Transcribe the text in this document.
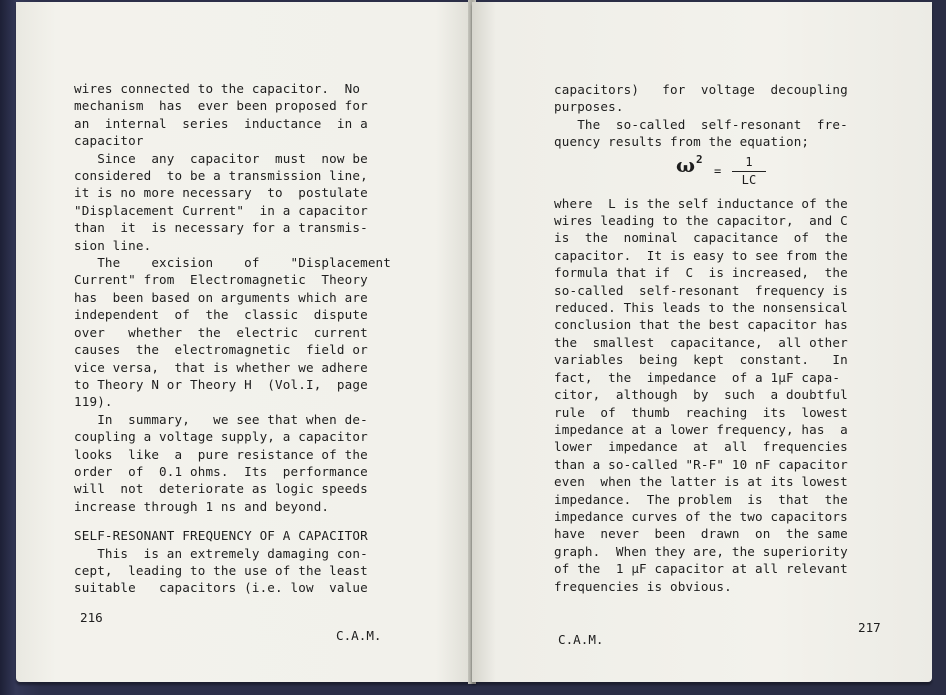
wires connected to the capacitor.  No
mechanism  has  ever been proposed for
an  internal  series  inductance  in a
capacitor
Since  any  capacitor  must  now be
considered  to be a transmission line,
it is no more necessary  to  postulate
"Displacement Current"  in a capacitor
than  it  is necessary for a transmis-
sion line.
The    excision    of    "Displacement
Current" from  Electromagnetic  Theory
has  been based on arguments which are
independent  of  the  classic  dispute
over   whether  the  electric  current
causes  the  electromagnetic  field or
vice versa,  that is whether we adhere
to Theory N or Theory H  (Vol.I,  page
119).
In  summary,   we see that when de-
coupling a voltage supply, a capacitor
looks  like  a  pure resistance of the
order  of  0.1 ohms.  Its  performance
will  not  deteriorate as logic speeds
increase through 1 ns and beyond.
SELF-RESONANT FREQUENCY OF A CAPACITOR
This  is an extremely damaging con-
cept,  leading to the use of the least
suitable   capacitors (i.e. low  value
216
C.A.M.
capacitors)   for  voltage  decoupling
purposes.
The  so-called  self-resonant  fre-
quency results from the equation;
ω 2
=
1
LC
where  L is the self inductance of the
wires leading to the capacitor,  and C
is  the  nominal  capacitance  of  the
capacitor.  It is easy to see from the
formula that if  C  is increased,  the
so-called  self-resonant  frequency is
reduced. This leads to the nonsensical
conclusion that the best capacitor has
the  smallest  capacitance,  all other
variables  being  kept  constant.   In
fact,  the  impedance  of a 1μF capa-
citor,  although  by  such  a doubtful
rule  of  thumb  reaching  its  lowest
impedance at a lower frequency, has  a
lower  impedance  at  all  frequencies
than a so-called "R-F" 10 nF capacitor
even  when the latter is at its lowest
impedance.  The problem  is  that  the
impedance curves of the two capacitors
have  never  been  drawn  on  the same
graph.  When they are, the superiority
of the  1 μF capacitor at all relevant
frequencies is obvious.
217
C.A.M.
